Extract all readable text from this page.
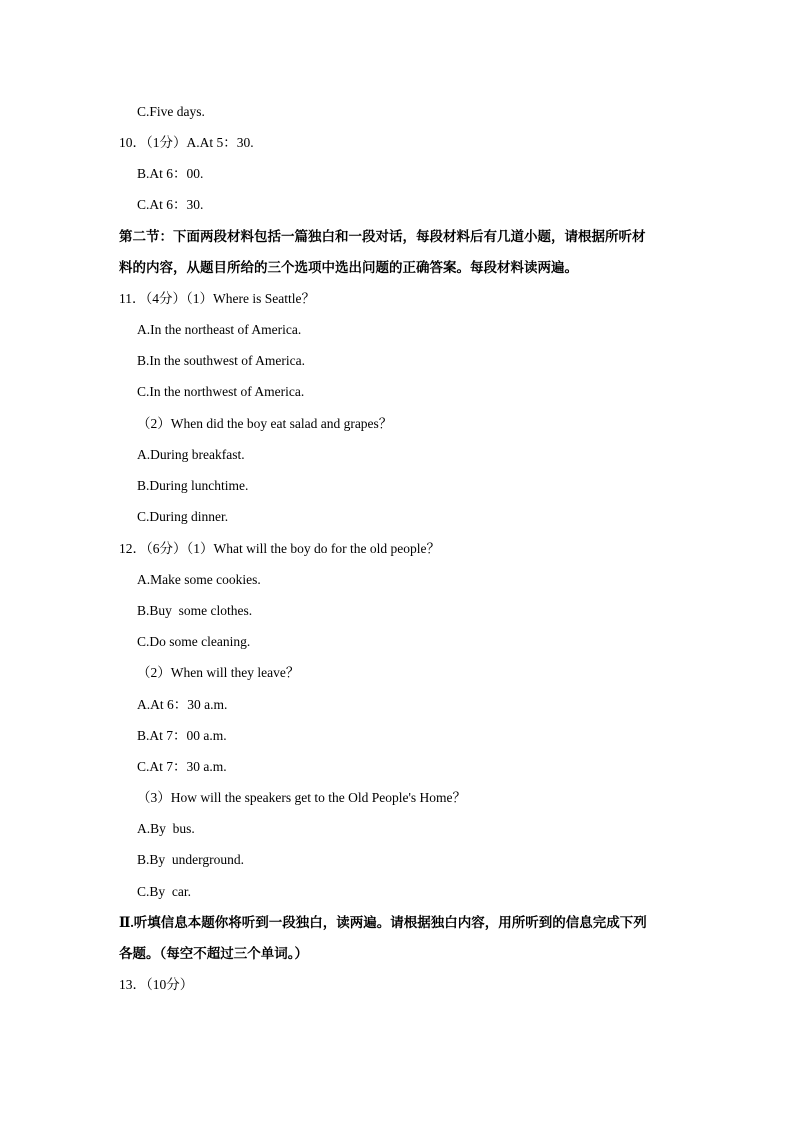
C.Five days.
10．（1分）A.At 5：30.
B.At 6：00.
C.At 6：30.
第二节：下面两段材料包括一篇独白和一段对话，每段材料后有几道小题，请根据所听材
料的内容，从题目所给的三个选项中选出问题的正确答案。每段材料读两遍。
11．（4分）（1）Where is Seattle？
A.In the northeast of America.
B.In the southwest of America.
C.In the northwest of America.
（2）When did the boy eat salad and grapes？
A.During breakfast.
B.During lunchtime.
C.During dinner.
12．（6分）（1）What will the boy do for the old people？
A.Make some cookies.
B.Buy  some clothes.
C.Do some cleaning.
（2）When will they leave？
A.At 6：30 a.m.
B.At 7：00 a.m.
C.At 7：30 a.m.
（3）How will the speakers get to the Old People's Home？
A.By  bus.
B.By  underground.
C.By  car.
Ⅱ.听填信息本题你将听到一段独白，读两遍。请根据独白内容，用所听到的信息完成下列
各题。（每空不超过三个单词。）
13．（10分）
